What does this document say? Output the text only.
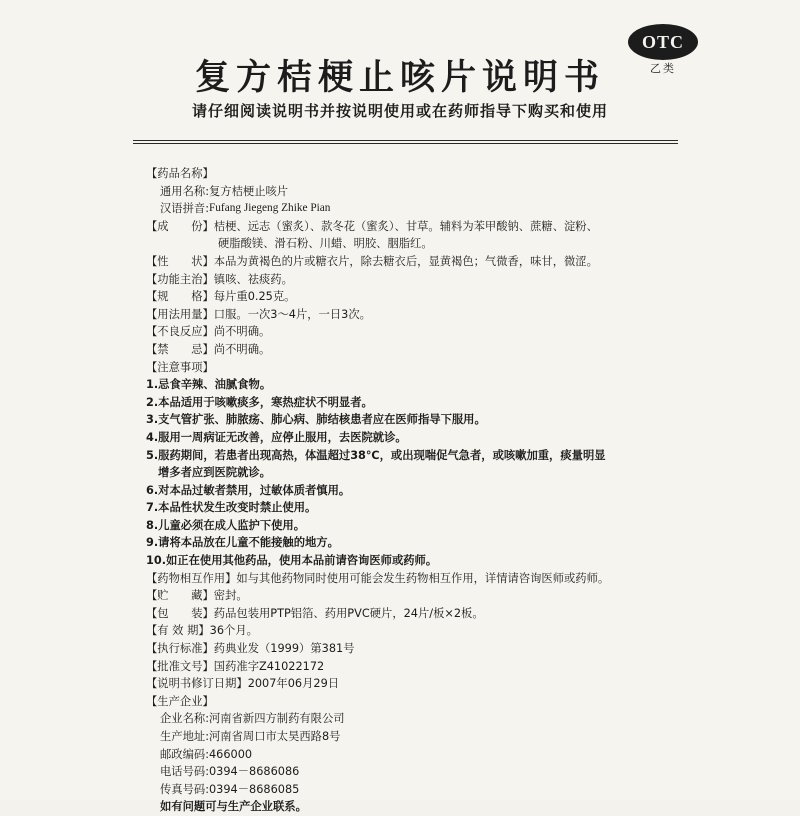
OTC
乙类
复方桔梗止咳片说明书
请仔细阅读说明书并按说明使用或在药师指导下购买和使用
【药品名称】
通用名称: 复方桔梗止咳片
汉语拼音: Fufang Jiegeng Zhike Pian
【成　　份】 桔梗、远志（蜜炙）、款冬花（蜜炙）、甘草。辅料为苯甲酸钠、蔗糖、淀粉、
硬脂酸镁、滑石粉、川蜡、明胶、胭脂红。
【性　　状】 本品为黄褐色的片或糖衣片，除去糖衣后，显黄褐色；气微香，味甘，微涩。
【功能主治】 镇咳、祛痰药。
【规　　格】 每片重0.25克。
【用法用量】 口服。一次3～4片，一日3次。
【不良反应】 尚不明确。
【禁　　忌】 尚不明确。
【注意事项】
1.忌食辛辣、油腻食物。
2.本品适用于咳嗽痰多，寒热症状不明显者。
3.支气管扩张、肺脓疡、肺心病、肺结核患者应在医师指导下服用。
4.服用一周病证无改善，应停止服用，去医院就诊。
5.服药期间，若患者出现高热，体温超过38℃，或出现喘促气急者，或咳嗽加重，痰量明显
增多者应到医院就诊。
6.对本品过敏者禁用，过敏体质者慎用。
7.本品性状发生改变时禁止使用。
8.儿童必须在成人监护下使用。
9.请将本品放在儿童不能接触的地方。
10.如正在使用其他药品，使用本品前请咨询医师或药师。
【药物相互作用】 如与其他药物同时使用可能会发生药物相互作用，详情请咨询医师或药师。
【贮　　藏】 密封。
【包　　装】 药品包装用PTP铝箔、药用PVC硬片，24片/板×2板。
【有 效 期】 36个月。
【执行标准】 药典业发（1999）第381号
【批准文号】 国药准字Z41022172
【说明书修订日期】 2007年06月29日
【生产企业】
企业名称: 河南省新四方制药有限公司
生产地址: 河南省周口市太昊西路8号
邮政编码: 466000
电话号码: 0394－8686086
传真号码: 0394－8686085
如有问题可与生产企业联系。
